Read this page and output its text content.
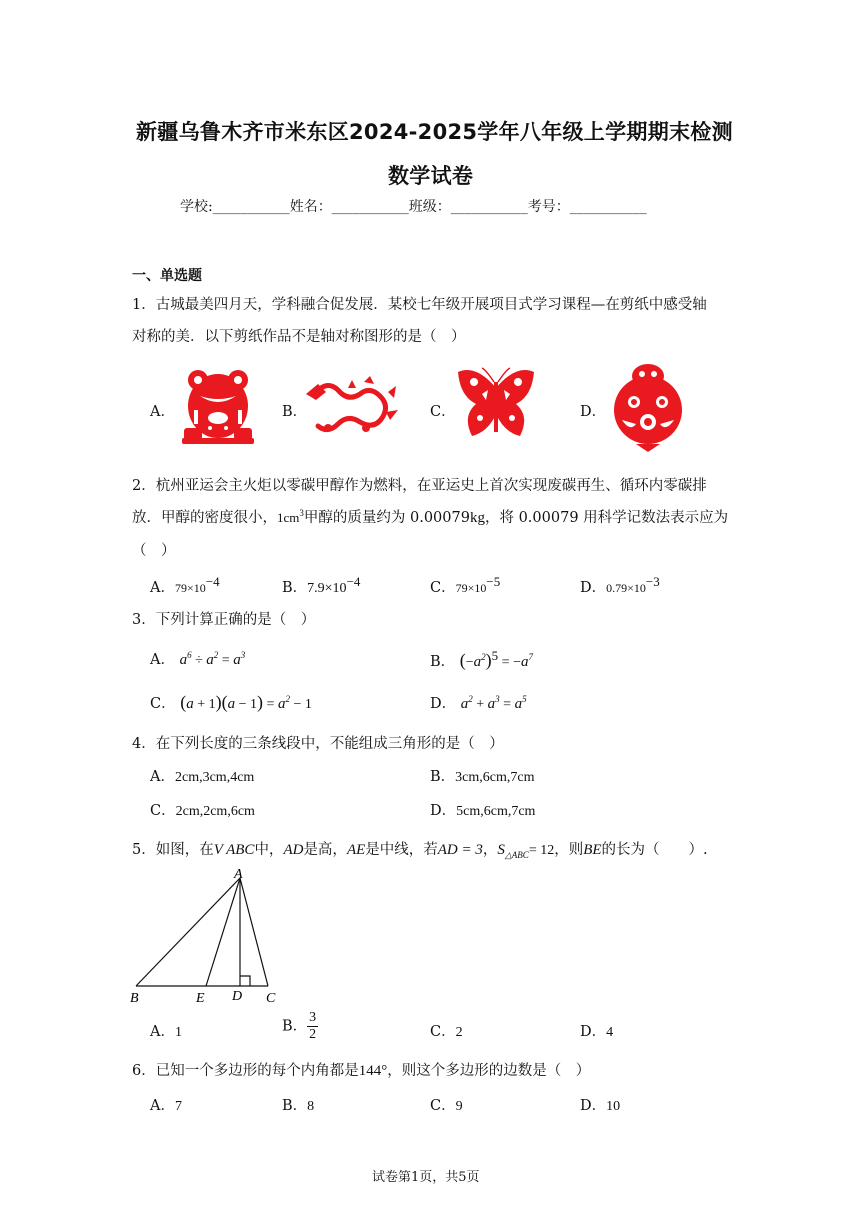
新疆乌鲁木齐市米东区2024-2025学年八年级上学期期末检测
数学试卷
学校:___________姓名：___________班级：___________考号：___________
一、单选题
1．古城最美四月天，学科融合促发展．某校七年级开展项目式学习课程—在剪纸中感受轴
对称的美．以下剪纸作品不是轴对称图形的是（　）
A．	B．	C．	D．
2．杭州亚运会主火炬以零碳甲醇作为燃料，在亚运史上首次实现废碳再生、循环内零碳排
放．甲醇的密度很小，$1cm^3$甲醇的质量约为 0.00079kg，将 0.00079 用科学记数法表示应为
（　）
A．$79\times 10^{-4}$	B．$7.9\times 10^{-4}$	C．$79\times 10^{-5}$	D．$0.79\times 10^{-3}$
3．下列计算正确的是（　）
A． $a^6 \div a^2 = a^3$	B． $(-a^2)^5 = -a^7$
C． $(a + 1)(a - 1) = a^2 - 1$	D． $a^2 + a^3 = a^5$
4．在下列长度的三条线段中，不能组成三角形的是（　）
A．2cm,3cm,4cm	B．3cm,6cm,7cm
C．2cm,2cm,6cm	D．5cm,6cm,7cm
5．如图，在V ABC中，AD是高，AE是中线，若AD = 3，$S_{\triangle ABC}= 12$，则BE的长为（　　）.
A
B	E D C
A．1	B． $\frac{3}{2}$	C．2	D．4
6．已知一个多边形的每个内角都是144°，则这个多边形的边数是（　）
A．7	B．8	C．9	D．10
试卷第1页，共5页
